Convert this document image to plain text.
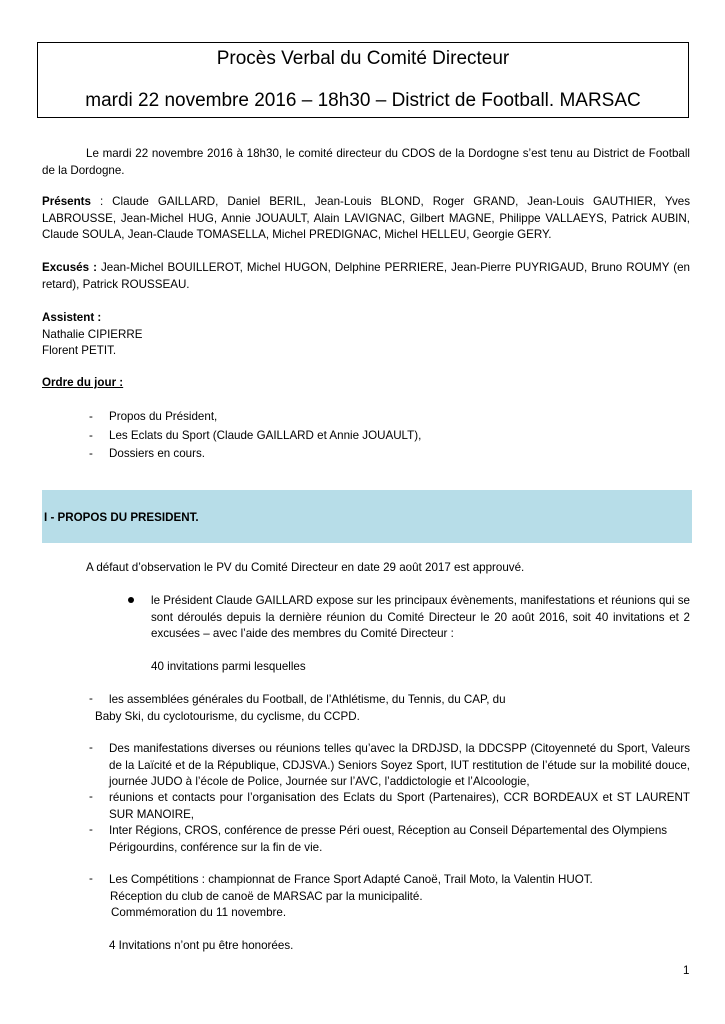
Procès Verbal du Comité Directeur
mardi 22 novembre 2016 – 18h30 – District de Football. MARSAC
Le mardi 22 novembre 2016 à 18h30, le comité directeur du CDOS de la Dordogne s’est tenu au District de Football de la Dordogne.
Présents : Claude GAILLARD, Daniel BERIL, Jean-Louis BLOND, Roger GRAND, Jean-Louis GAUTHIER, Yves LABROUSSE, Jean-Michel HUG, Annie JOUAULT, Alain LAVIGNAC, Gilbert MAGNE, Philippe VALLAEYS, Patrick AUBIN, Claude SOULA, Jean-Claude TOMASELLA, Michel PREDIGNAC, Michel HELLEU, Georgie GERY.
Excusés : Jean-Michel BOUILLEROT, Michel HUGON, Delphine PERRIERE, Jean-Pierre PUYRIGAUD, Bruno ROUMY (en retard), Patrick ROUSSEAU.
Assistent :
Nathalie CIPIERRE
Florent PETIT.
Ordre du jour :
-	Propos du Président,
-	Les Eclats du Sport (Claude GAILLARD et Annie JOUAULT),
-	Dossiers en cours.
I - PROPOS DU PRESIDENT.
A défaut d’observation le PV du Comité Directeur en date 29 août 2017 est approuvé.
le Président Claude GAILLARD expose sur les principaux évènements, manifestations et réunions qui se sont déroulés depuis la dernière réunion du Comité Directeur le 20 août 2016, soit 40 invitations et 2 excusées – avec l’aide des membres du Comité Directeur :
40 invitations parmi lesquelles
- les assemblées générales du Football, de l’Athlétisme, du Tennis, du CAP, du
Baby Ski, du cyclotourisme, du cyclisme, du CCPD.
- Des manifestations diverses ou réunions telles qu’avec la DRDJSD, la DDCSPP (Citoyenneté du Sport, Valeurs de la Laïcité et de la République, CDJSVA.) Seniors Soyez Sport, IUT restitution de l’étude sur la mobilité douce, journée JUDO à l’école de Police, Journée sur l’AVC, l’addictologie et l’Alcoologie,
- réunions et contacts pour l’organisation des Eclats du Sport (Partenaires), CCR BORDEAUX et ST LAURENT SUR MANOIRE,
- Inter Régions, CROS, conférence de presse Péri ouest, Réception au Conseil Départemental des Olympiens
Périgourdins, conférence sur la fin de vie.
- Les Compétitions : championnat de France Sport Adapté Canoë, Trail Moto, la Valentin HUOT.
Réception du club de canoë de MARSAC par la municipalité.
Commémoration du 11 novembre.
4 Invitations n’ont pu être honorées.
1
